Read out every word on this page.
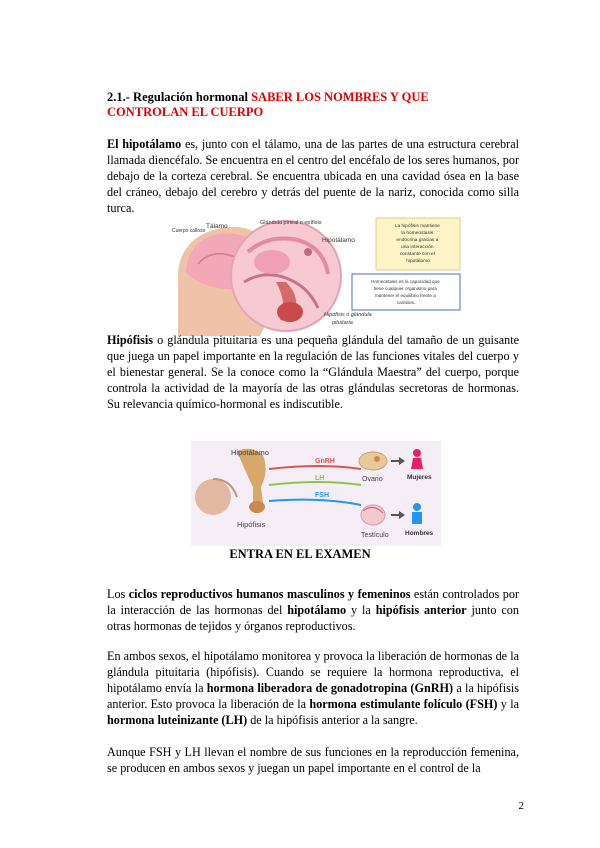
2.1.- Regulación hormonal SABER LOS NOMBRES Y QUE CONTROLAN EL CUERPO
El hipotálamo es, junto con el tálamo, una de las partes de una estructura cerebral llamada diencéfalo. Se encuentra en el centro del encéfalo de los seres humanos, por debajo de la corteza cerebral. Se encuentra ubicada en una cavidad ósea en la base del cráneo, debajo del cerebro y detrás del puente de la nariz, conocida como silla turca.
Cuerpo calloso
Tálamo	Glándula pineal o epífisis
Hipotálamo
Hipófisis o glándula
pituitaria
La hipófisis mantiene la homeostasis endocrina gracias a una interacción constante con el hipotálamo
Homeostasis es la capacidad que tiene cualquier organismo para mantener el equilibrio frente a cambios.
Hipófisis o glándula pituitaria es una pequeña glándula del tamaño de un guisante que juega un papel importante en la regulación de las funciones vitales del cuerpo y el bienestar general. Se la conoce como la “Glándula Maestra” del cuerpo, porque controla la actividad de la mayoría de las otras glándulas secretoras de hormonas. Su relevancia químico-hormonal es indiscutible.
Hipotálamo
Hipófisis
GnRH
LH
FSH
Ovario	Mujeres
Testículo	Hombres
ENTRA EN EL EXAMEN
Los ciclos reproductivos humanos masculinos y femeninos están controlados por la interacción de las hormonas del hipotálamo y la hipófisis anterior junto con otras hormonas de tejidos y órganos reproductivos.
En ambos sexos, el hipotálamo monitorea y provoca la liberación de hormonas de la glándula pituitaria (hipófisis). Cuando se requiere la hormona reproductiva, el hipotálamo envía la hormona liberadora de gonadotropina (GnRH) a la hipófisis anterior. Esto provoca la liberación de la hormona estimulante folículo (FSH) y la hormona luteinizante (LH) de la hipófisis anterior a la sangre.
Aunque FSH y LH llevan el nombre de sus funciones en la reproducción femenina, se producen en ambos sexos y juegan un papel importante en el control de la
2
